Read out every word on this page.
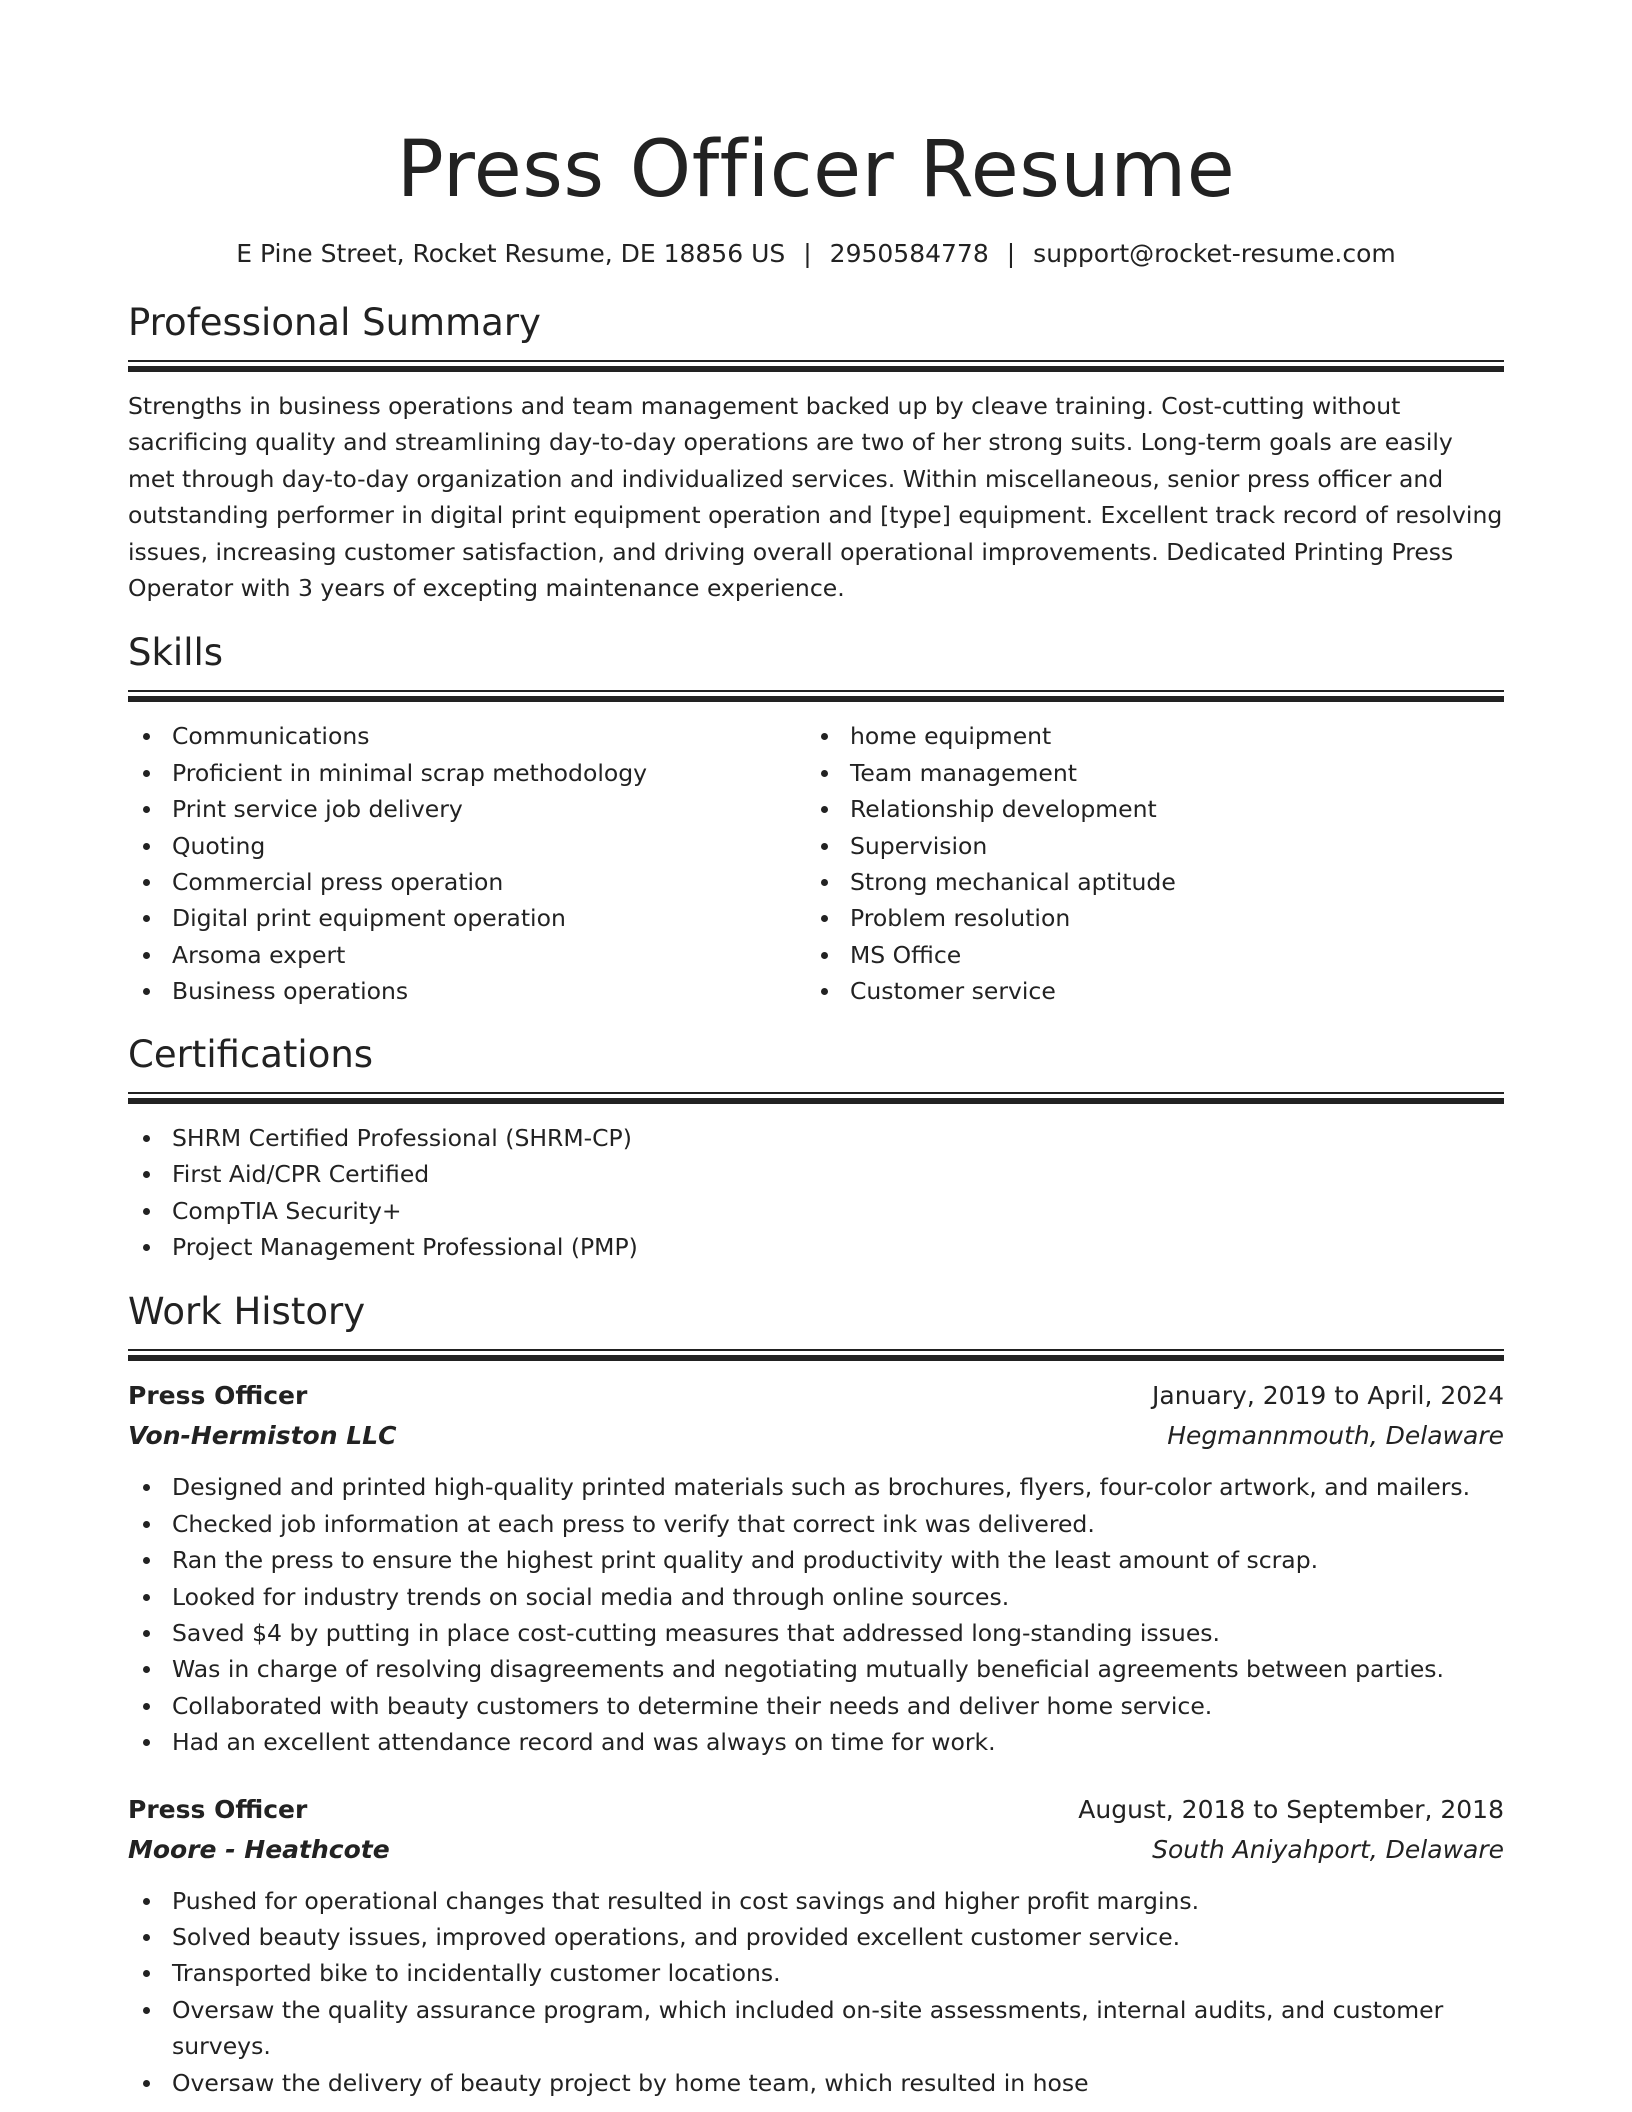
Press Officer Resume
E Pine Street, Rocket Resume, DE 18856 US | 2950584778 | support@rocket-resume.com
Professional Summary

Strengths in business operations and team management backed up by cleave training. Cost-cutting without sacrificing quality and streamlining day-to-day operations are two of her strong suits. Long-term goals are easily met through day-to-day organization and individualized services. Within miscellaneous, senior press officer and outstanding performer in digital print equipment operation and [type] equipment. Excellent track record of resolving issues, increasing customer satisfaction, and driving overall operational improvements. Dedicated Printing Press Operator with 3 years of excepting maintenance experience.

Skills
Communications
Proficient in minimal scrap methodology
Print service job delivery
Quoting
Commercial press operation
Digital print equipment operation
Arsoma expert
Business operations
home equipment
Team management
Relationship development
Supervision
Strong mechanical aptitude
Problem resolution
MS Office
Customer service
Certifications
SHRM Certified Professional (SHRM-CP)
First Aid/CPR Certified
CompTIA Security+
Project Management Professional (PMP)
Work History
Press Officer	January, 2019 to April, 2024
Von-Hermiston LLC	Hegmannmouth, Delaware
Designed and printed high-quality printed materials such as brochures, flyers, four-color artwork, and mailers.
Checked job information at each press to verify that correct ink was delivered.
Ran the press to ensure the highest print quality and productivity with the least amount of scrap.
Looked for industry trends on social media and through online sources.
Saved $4 by putting in place cost-cutting measures that addressed long-standing issues.
Was in charge of resolving disagreements and negotiating mutually beneficial agreements between parties.
Collaborated with beauty customers to determine their needs and deliver home service.
Had an excellent attendance record and was always on time for work.
Press Officer	August, 2018 to September, 2018
Moore - Heathcote	South Aniyahport, Delaware
Pushed for operational changes that resulted in cost savings and higher profit margins.
Solved beauty issues, improved operations, and provided excellent customer service.
Transported bike to incidentally customer locations.
Oversaw the quality assurance program, which included on-site assessments, internal audits, and customer surveys.
Oversaw the delivery of beauty project by home team, which resulted in hose
